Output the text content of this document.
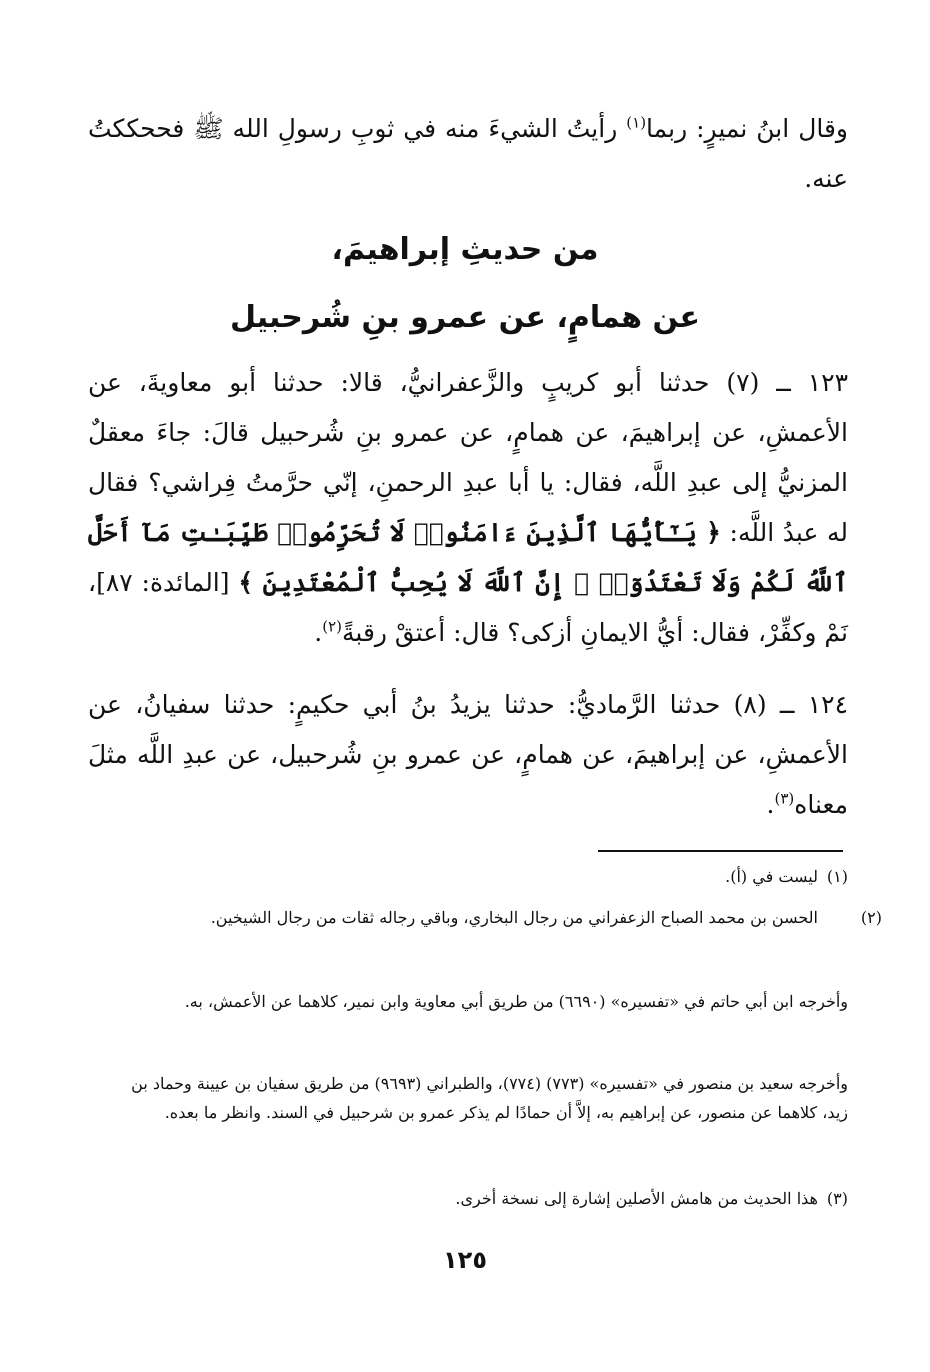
وقال ابنُ نميرٍ: ربما$^{(١)}$ رأيتُ الشيءَ منه في ثوبِ رسولِ الله ﷺ فححككتُ عنه.

من حديثِ إبراهيمَ،
عن همامٍ، عن عمرو بنِ شُرحبيل

١٢٣ ــ (٧) حدثنا أبو كريبٍ والزَّعفرانيُّ، قالا: حدثنا أبو معاويةَ، عن الأعمشِ، عن إبراهيمَ، عن همامٍ، عن عمرو بنِ شُرحبيل قالَ: جاءَ معقلٌ المزنيُّ إلى عبدِ اللَّه، فقال: يا أبا عبدِ الرحمنِ، إنّي حرَّمتُ فِراشي؟ فقال له عبدُ اللَّه: ﴿ يَـٰٓأَيُّهَا ٱلَّذِينَ ءَامَنُوا۟ لَا تُحَرِّمُوا۟ طَيِّبَـٰتِ مَآ أَحَلَّ ٱللَّهُ لَكُمْ وَلَا تَعْتَدُوٓا۟ ۚ إِنَّ ٱللَّهَ لَا يُحِبُّ ٱلْمُعْتَدِينَ ﴾ [المائدة: ٨٧]، نَمْ وكفِّرْ، فقال: أيُّ الايمانِ أزكى؟ قال: أعتقْ رقبةً$^{(٢)}$.

١٢٤ ــ (٨) حدثنا الرَّماديُّ: حدثنا يزيدُ بنُ أبي حكيمٍ: حدثنا سفيانُ، عن الأعمشِ، عن إبراهيمَ، عن همامٍ، عن عمرو بنِ شُرحبيل، عن عبدِ اللَّه مثلَ معناه$^{(٣)}$.

(١)ليست في (أ).
(٢)الحسن بن محمد الصباح الزعفراني من رجال البخاري، وباقي رجاله ثقات من رجال الشيخين.
وأخرجه ابن أبي حاتم في «تفسيره» (٦٦٩٠) من طريق أبي معاوية وابن نمير، كلاهما عن الأعمش، به.
وأخرجه سعيد بن منصور في «تفسيره» (٧٧٣) (٧٧٤)، والطبراني (٩٦٩٣) من طريق سفيان بن عيينة وحماد بن زيد، كلاهما عن منصور، عن إبراهيم به، إلاَّ أن حمادًا لم يذكر عمرو بن شرحبيل في السند. وانظر ما بعده.
(٣)هذا الحديث من هامش الأصلين إشارة إلى نسخة أخرى.
١٢٥
